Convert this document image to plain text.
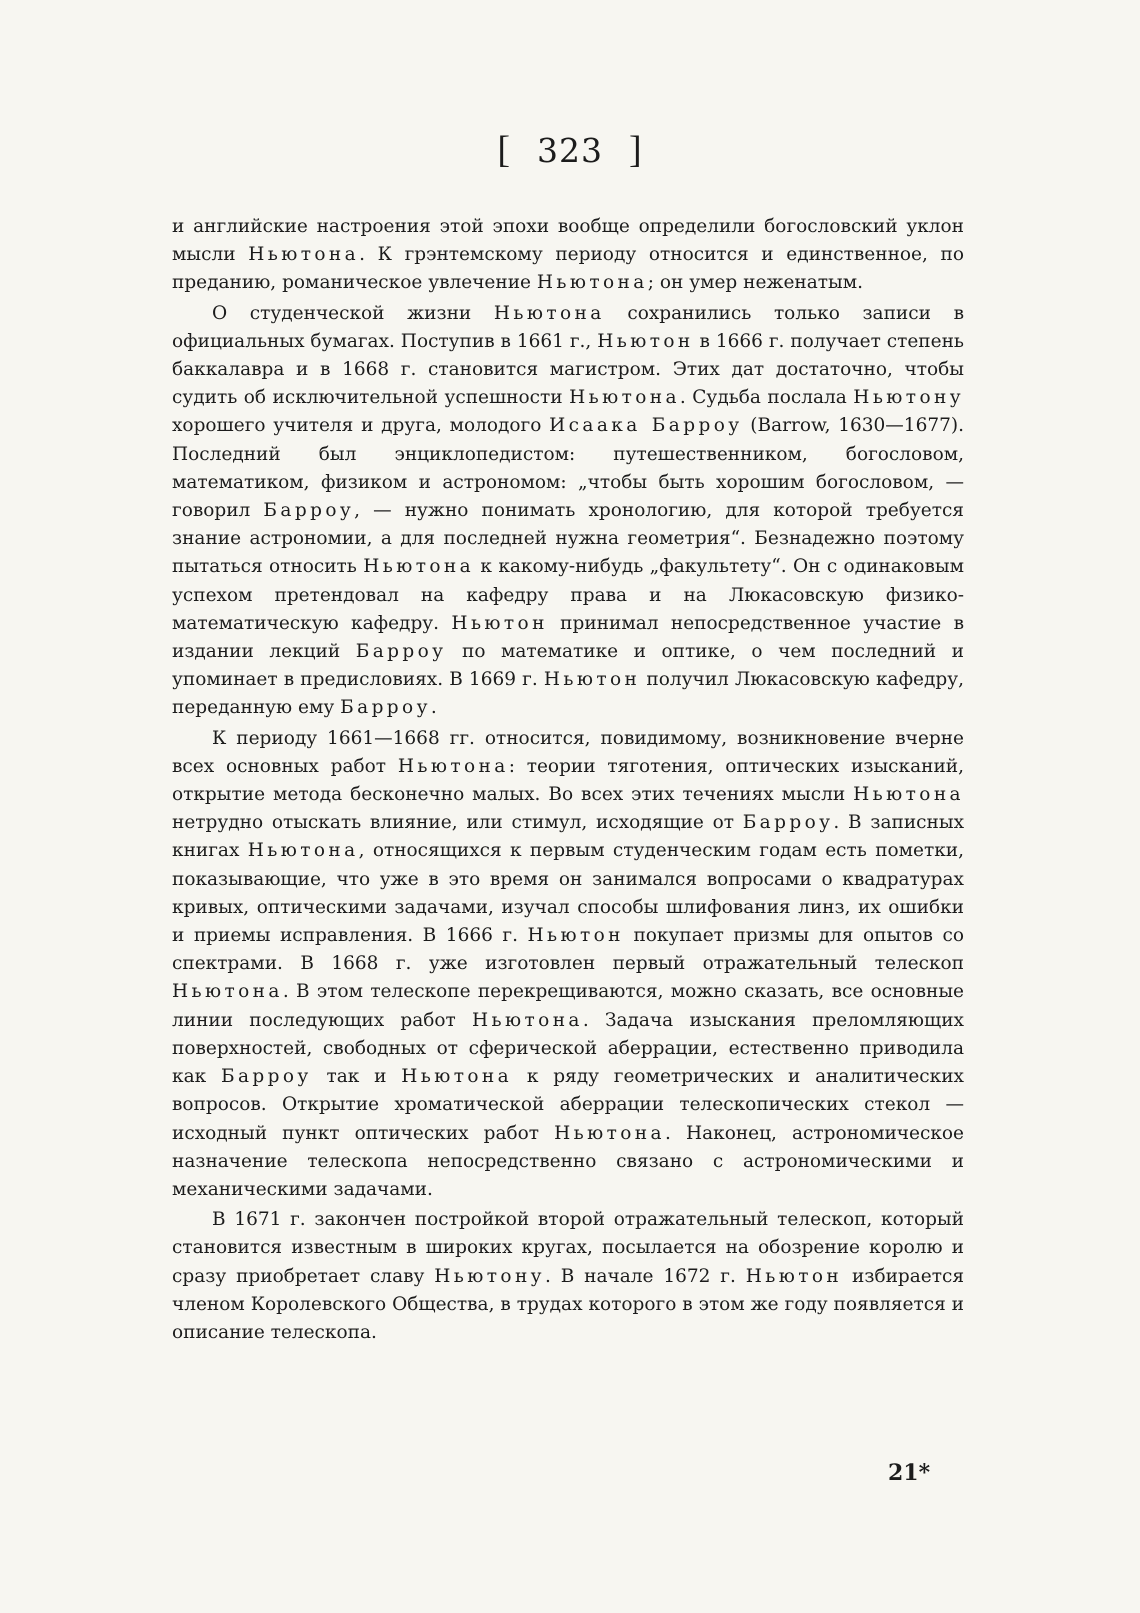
[ 323 ]

и английские настроения этой эпохи вообще определили богословский уклон мысли Ньютона. К грэнтемскому периоду относится и единственное, по преданию, романическое увлечение Ньютона; он умер неженатым.

О студенческой жизни Ньютона сохранились только записи в официальных бумагах. Поступив в 1661 г., Ньютон в 1666 г. получает степень баккалавра и в 1668 г. становится магистром. Этих дат достаточно, чтобы судить об исключительной успешности Ньютона. Судьба послала Ньютону хорошего учителя и друга, молодого Исаака Барроу (Barrow, 1630—1677). Последний был энциклопедистом: путешественником, богословом, математиком, физиком и астрономом: „чтобы быть хорошим богословом, — говорил Барроу, — нужно понимать хронологию, для которой требуется знание астрономии, а для последней нужна геометрия“. Безнадежно поэтому пытаться относить Ньютона к какому-нибудь „факультету“. Он с одинаковым успехом претендовал на кафедру права и на Люкасовскую физико-математическую кафедру. Ньютон принимал непосредственное участие в издании лекций Барроу по математике и оптике, о чем последний и упоминает в предисловиях. В 1669 г. Ньютон получил Люкасовскую кафедру, переданную ему Барроу.

К периоду 1661—1668 гг. относится, повидимому, возникновение вчерне всех основных работ Ньютона: теории тяготения, оптических изысканий, открытие метода бесконечно малых. Во всех этих течениях мысли Ньютона нетрудно отыскать влияние, или стимул, исходящие от Барроу. В записных книгах Ньютона, относящихся к первым студенческим годам есть пометки, показывающие, что уже в это время он занимался вопросами о квадратурах кривых, оптическими задачами, изучал способы шлифования линз, их ошибки и приемы исправления. В 1666 г. Ньютон покупает призмы для опытов со спектрами. В 1668 г. уже изготовлен первый отражательный телескоп Ньютона. В этом телескопе перекрещиваются, можно сказать, все основные линии последующих работ Ньютона. Задача изыскания преломляющих поверхностей, свободных от сферической аберрации, естественно приводила как Барроу так и Ньютона к ряду геометрических и аналитических вопросов. Открытие хроматической аберрации телескопических стекол — исходный пункт оптических работ Ньютона. Наконец, астрономическое назначение телескопа непосредственно связано с астрономическими и механическими задачами.

В 1671 г. закончен постройкой второй отражательный телескоп, который становится известным в широких кругах, посылается на обозрение королю и сразу приобретает славу Ньютону. В начале 1672 г. Ньютон избирается членом Королевского Общества, в трудах которого в этом же году появляется и описание телескопа.

21*
